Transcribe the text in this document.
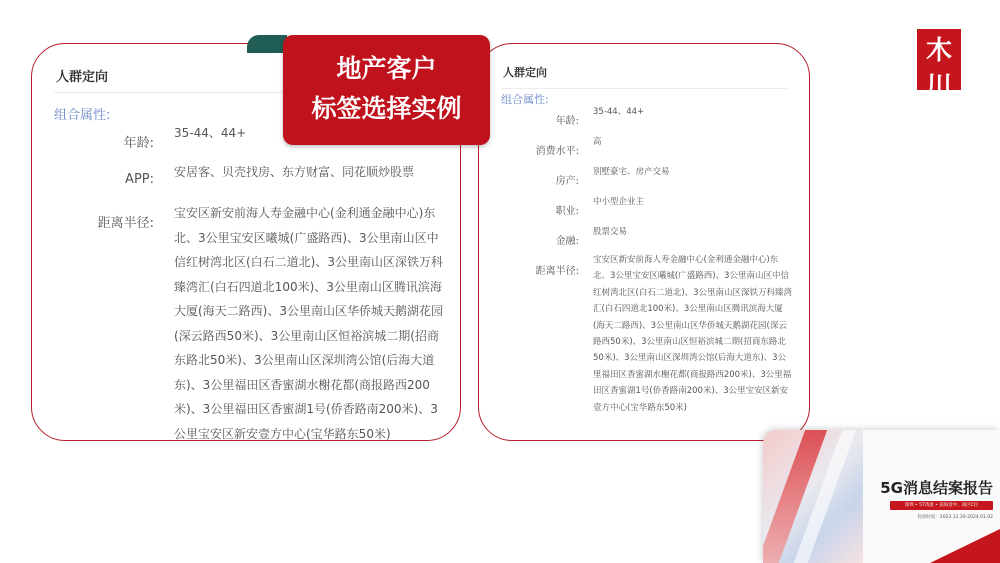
人群定向
组合属性:
年龄:
35-44、44+
APP: 安居客、贝壳找房、东方财富、同花顺炒股票
距离半径:
宝安区新安前海人寿金融中心(金利通金融中心)东北、3公里宝安区曦城(广盛路西)、3公里南山区中信红树湾北区(白石二道北)、3公里南山区深铁万科臻湾汇(白石四道北100米)、3公里南山区腾讯滨海大厦(海天二路西)、3公里南山区华侨城天鹅湖花园(深云路西50米)、3公里南山区恒裕滨城二期(招商东路北50米)、3公里南山区深圳湾公馆(后海大道东)、3公里福田区香蜜湖水榭花都(商报路西200米)、3公里福田区香蜜湖1号(侨香路南200米)、3公里宝安区新安壹方中心(宝华路东50米)
人群定向
组合属性:
年龄:
35-44、44+
消费水平:
高
房产:
别墅豪宅、房产交易
职业:
中小型企业主
金融:
股票交易
距离半径:
宝安区新安前海人寿金融中心(金利通金融中心)东北、3公里宝安区曦城(广盛路西)、3公里南山区中信红树湾北区(白石二道北)、3公里南山区深铁万科臻湾汇(白石四道北100米)、3公里南山区腾讯滨海大厦(海天二路西)、3公里南山区华侨城天鹅湖花园(深云路西50米)、3公里南山区恒裕滨城二期(招商东路北50米)、3公里南山区深圳湾公馆(后海大道东)、3公里福田区香蜜湖水榭花都(商报路西200米)、3公里福田区香蜜湖1号(侨香路南200米)、3公里宝安区新安壹方中心(宝华路东50米)
地产客户
标签选择实例
木川
MEDIA
5G消息结案报告
深圳 • 5T湾流 • 前海壹中、南区C位
投放时间：2023.12.30-2024.01.02
